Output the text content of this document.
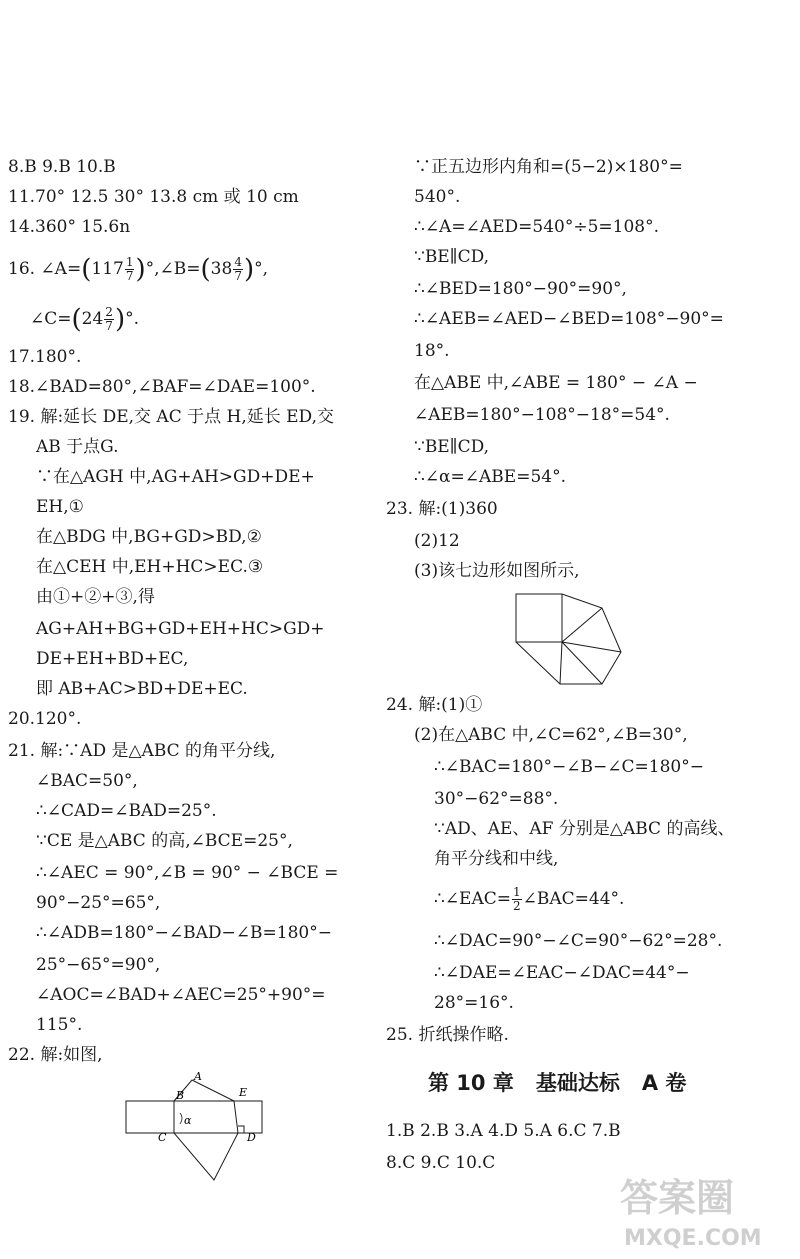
8.B 9.B 10.B
11.70° 12.5 30° 13.8 cm 或 10 cm
14.360° 15.6n
16. ∠A=(117 $\frac{1}{7}$ )°,∠B=(38 $\frac{4}{7}$ )°,
∠C=(24 $\frac{2}{7}$ )°.
17.180°.
18.∠BAD=80°,∠BAF=∠DAE=100°.
19. 解:延长 DE,交 AC 于点 H,延长 ED,交
AB 于点G.
∵在△AGH 中,AG+AH>GD+DE+
EH,①
在△BDG 中,BG+GD>BD,②
在△CEH 中,EH+HC>EC.③
由①+②+③,得
AG+AH+BG+GD+EH+HC>GD+
DE+EH+BD+EC,
即 AB+AC>BD+DE+EC.
20.120°.
21. 解:∵AD 是△ABC 的角平分线,
∠BAC=50°,
∴∠CAD=∠BAD=25°.
∵CE 是△ABC 的高,∠BCE=25°,
∴∠AEC = 90°,∠B = 90° − ∠BCE =
90°−25°=65°,
∴∠ADB=180°−∠BAD−∠B=180°−
25°−65°=90°,
∠AOC=∠BAD+∠AEC=25°+90°=
115°.
22. 解:如图,
A
B	E
C	D
α
∵正五边形内角和=(5−2)×180°=
540°.
∴∠A=∠AED=540°÷5=108°.
∵BE∥CD,
∴∠BED=180°−90°=90°,
∴∠AEB=∠AED−∠BED=108°−90°=
18°.
在△ABE 中,∠ABE = 180° − ∠A −
∠AEB=180°−108°−18°=54°.
∵BE∥CD,
∴∠α=∠ABE=54°.
23. 解:(1)360
(2)12
(3)该七边形如图所示,
24. 解:(1)①
(2)在△ABC 中,∠C=62°,∠B=30°,
∴∠BAC=180°−∠B−∠C=180°−
30°−62°=88°.
∵AD、AE、AF 分别是△ABC 的高线、
角平分线和中线,
∴∠EAC= $\frac{1}{2}$ ∠BAC=44°.
∴∠DAC=90°−∠C=90°−62°=28°.
∴∠DAE=∠EAC−∠DAC=44°−
28°=16°.
25. 折纸操作略.
第 10 章 基础达标 A 卷
1.B 2.B 3.A 4.D 5.A 6.C 7.B
8.C 9.C 10.C
答案圈
MXQE.COM
